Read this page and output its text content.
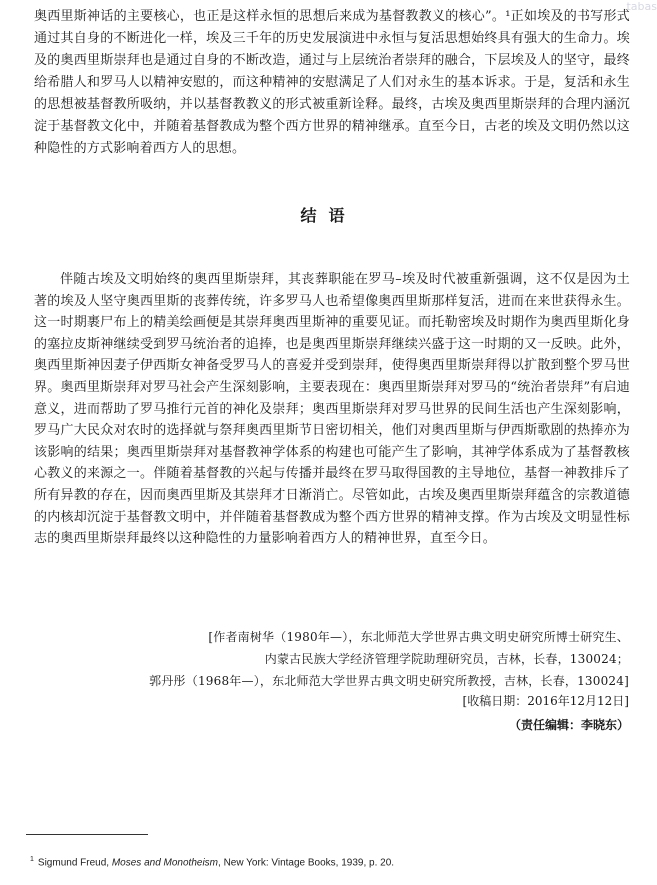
tabas

奥西里斯神话的主要核心，也正是这样永恒的思想后来成为基督教教义的核心”。¹正如埃及的书写形式通过其自身的不断进化一样，埃及三千年的历史发展演进中永恒与复活思想始终具有强大的生命力。埃及的奥西里斯崇拜也是通过自身的不断改造，通过与上层统治者崇拜的融合，下层埃及人的坚守，最终给希腊人和罗马人以精神安慰的，而这种精神的安慰满足了人们对永生的基本诉求。于是，复活和永生的思想被基督教所吸纳，并以基督教教义的形式被重新诠释。最终，古埃及奥西里斯崇拜的合理内涵沉淀于基督教文化中，并随着基督教成为整个西方世界的精神继承。直至今日，古老的埃及文明仍然以这种隐性的方式影响着西方人的思想。

结语

伴随古埃及文明始终的奥西里斯崇拜，其丧葬职能在罗马–埃及时代被重新强调，这不仅是因为土著的埃及人坚守奥西里斯的丧葬传统，许多罗马人也希望像奥西里斯那样复活，进而在来世获得永生。这一时期裹尸布上的精美绘画便是其崇拜奥西里斯神的重要见证。而托勒密埃及时期作为奥西里斯化身的塞拉皮斯神继续受到罗马统治者的追捧，也是奥西里斯崇拜继续兴盛于这一时期的又一反映。此外，奥西里斯神因妻子伊西斯女神备受罗马人的喜爱并受到崇拜，使得奥西里斯崇拜得以扩散到整个罗马世界。奥西里斯崇拜对罗马社会产生深刻影响，主要表现在：奥西里斯崇拜对罗马的“统治者崇拜”有启迪意义，进而帮助了罗马推行元首的神化及崇拜；奥西里斯崇拜对罗马世界的民间生活也产生深刻影响，罗马广大民众对农时的选择就与祭拜奥西里斯节日密切相关，他们对奥西里斯与伊西斯歌剧的热捧亦为该影响的结果；奥西里斯崇拜对基督教神学体系的构建也可能产生了影响，其神学体系成为了基督教核心教义的来源之一。伴随着基督教的兴起与传播并最终在罗马取得国教的主导地位，基督一神教排斥了所有异教的存在，因而奥西里斯及其崇拜才日渐消亡。尽管如此，古埃及奥西里斯崇拜蕴含的宗教道德的内核却沉淀于基督教文明中，并伴随着基督教成为整个西方世界的精神支撑。作为古埃及文明显性标志的奥西里斯崇拜最终以这种隐性的力量影响着西方人的精神世界，直至今日。

[作者南树华（1980年—），东北师范大学世界古典文明史研究所博士研究生、
内蒙古民族大学经济管理学院助理研究员，吉林，长春，130024；
郭丹彤（1968年—），东北师范大学世界古典文明史研究所教授，吉林，长春，130024]
[收稿日期：2016年12月12日]
（责任编辑：李晓东）
$^1$ Sigmund Freud, Moses and Monotheism, New York: Vintage Books, 1939, p. 20.
